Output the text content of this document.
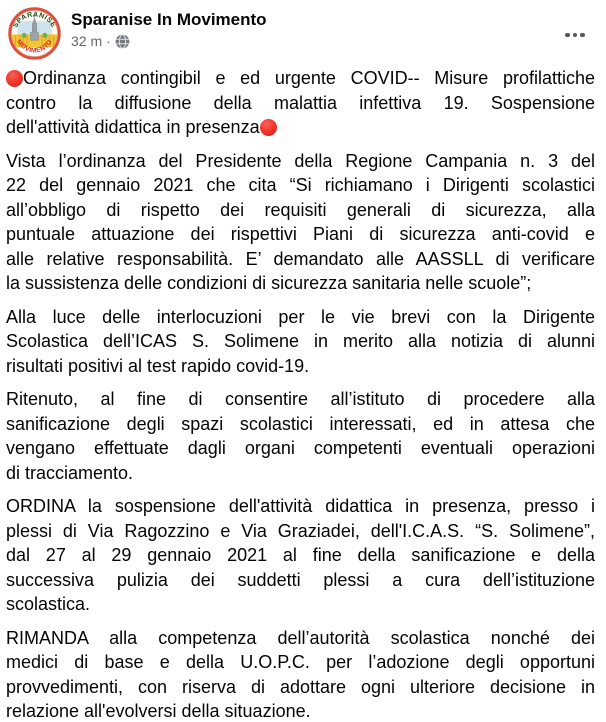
SPARANISE
MOVIMENTO
Sparanise In Movimento
32 m ·
Ordinanza contingibil e ed urgente COVID-- Misure profilattiche
contro la diffusione della malattia infettiva 19. Sospensione
dell'attività didattica in presenza
Vista l’ordinanza del Presidente della Regione Campania n. 3 del
22 del gennaio 2021 che cita “Si richiamano i Dirigenti scolastici
all’obbligo di rispetto dei requisiti generali di sicurezza, alla
puntuale attuazione dei rispettivi Piani di sicurezza anti-covid e
alle relative responsabilità. E’ demandato alle AASSLL di verificare
la sussistenza delle condizioni di sicurezza sanitaria nelle scuole”;
Alla luce delle interlocuzioni per le vie brevi con la Dirigente
Scolastica dell’ICAS S. Solimene in merito alla notizia di alunni
risultati positivi al test rapido covid-19.
Ritenuto, al fine di consentire all’istituto di procedere alla
sanificazione degli spazi scolastici interessati, ed in attesa che
vengano effettuate dagli organi competenti eventuali operazioni
di tracciamento.
ORDINA la sospensione dell'attività didattica in presenza, presso i
plessi di Via Ragozzino e Via Graziadei, dell'I.C.A.S. “S. Solimene”,
dal 27 al 29 gennaio 2021 al fine della sanificazione e della
successiva pulizia dei suddetti plessi a cura dell’istituzione
scolastica.
RIMANDA alla competenza dell’autorità scolastica nonché dei
medici di base e della U.O.P.C. per l’adozione degli opportuni
provvedimenti, con riserva di adottare ogni ulteriore decisione in
relazione all'evolversi della situazione.
